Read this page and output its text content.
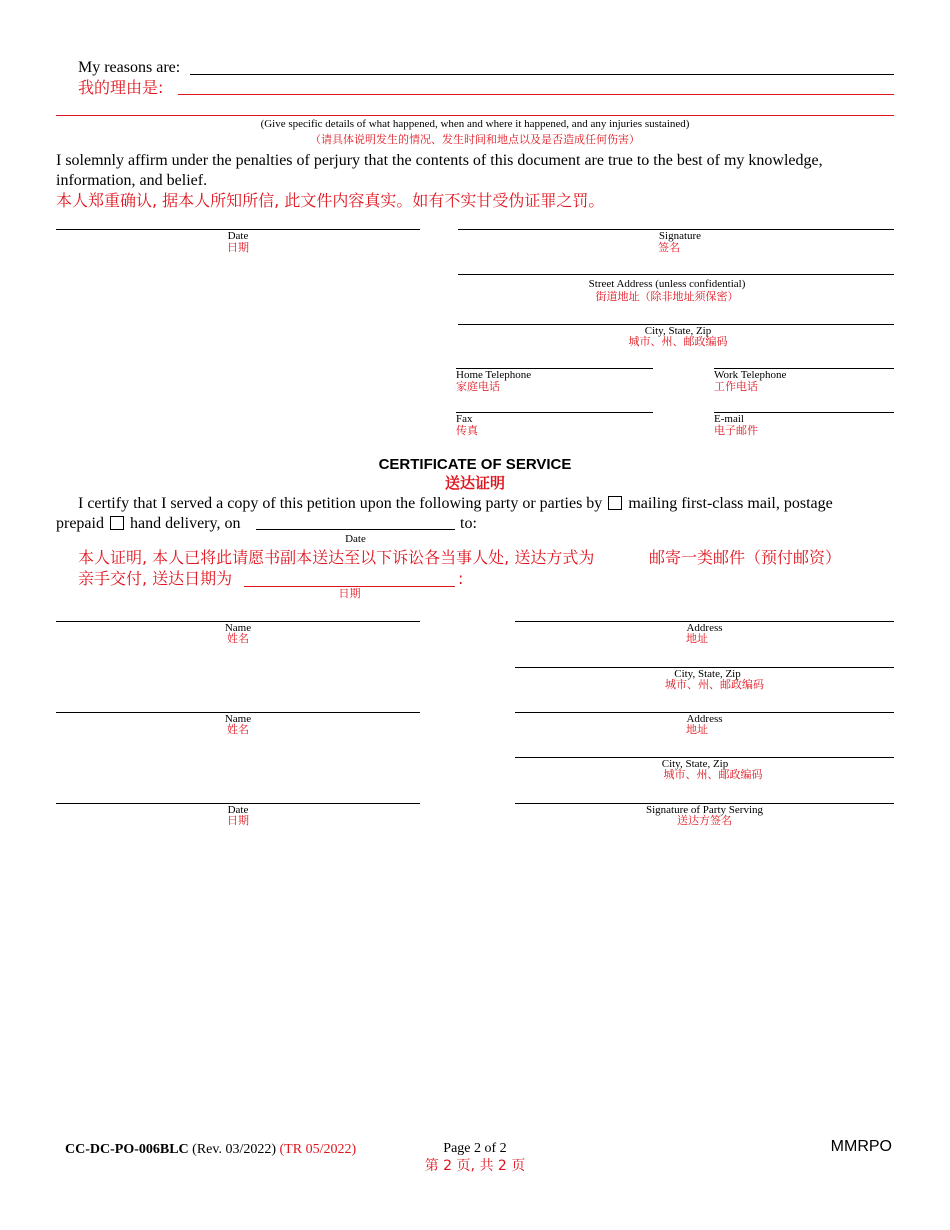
My reasons are:
我的理由是:
(Give specific details of what happened, when and where it happened, and any injuries sustained)
（请具体说明发生的情况、发生时间和地点以及是否造成任何伤害）
I solemnly affirm under the penalties of perjury that the contents of this document are true to the best of my knowledge,
information, and belief.
本人郑重确认, 据本人所知所信, 此文件内容真实。如有不实甘受伪证罪之罚。
Date
日期
Signature
签名
Street Address (unless confidential)
街道地址（除非地址须保密）
City, State, Zip
城市、州、邮政编码
Home Telephone
家庭电话
Work Telephone
工作电话
Fax
传真
E-mail
电子邮件
CERTIFICATE OF SERVICE
送达证明
I certify that I served a copy of this petition upon the following party or parties by mailing first-class mail, postage
prepaid hand delivery, on	to:
Date
本人证明, 本人已将此请愿书副本送达至以下诉讼各当事人处, 送达方式为	邮寄一类邮件（预付邮资）
亲手交付, 送达日期为	:
日期
Name
姓名
Address
地址
City, State, Zip
城市、州、邮政编码
Name
姓名
Address
地址
City, State, Zip
城市、州、邮政编码
Date
日期
Signature of Party Serving
送达方签名
CC-DC-PO-006BLC (Rev. 03/2022) (TR 05/2022)	Page 2 of 2
第 2 页, 共 2 页
MMRPO
